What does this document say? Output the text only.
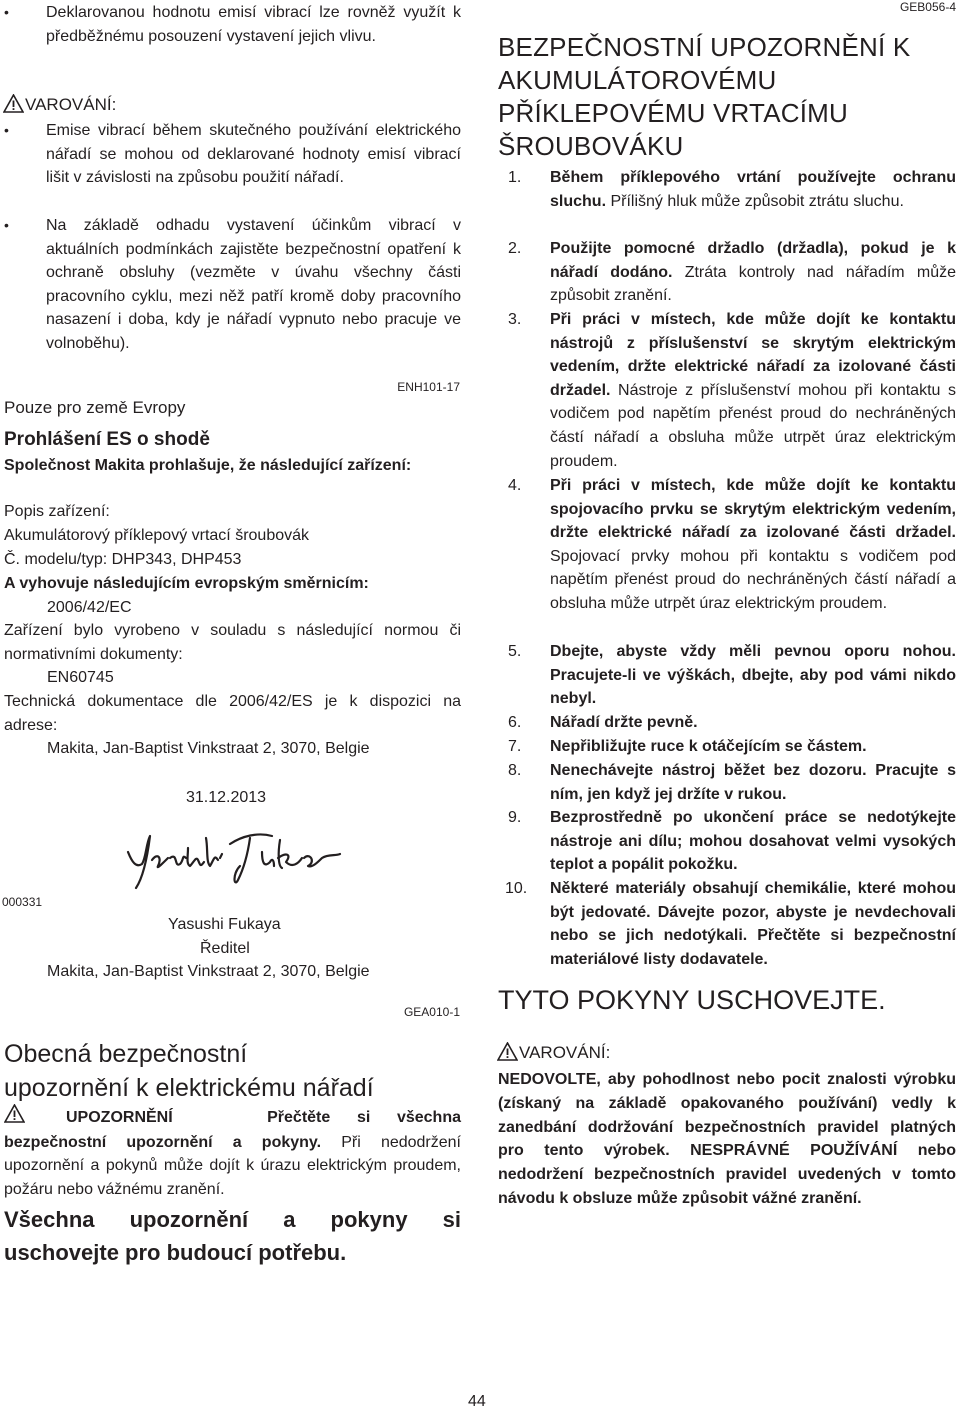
• Deklarovanou hodnotu emisí vibrací lze rovněž využít k předběžnému posouzení vystavení jejich vlivu.
VAROVÁNÍ:
• Emise vibrací během skutečného používání elektrického nářadí se mohou od deklarované hodnoty emisí vibrací lišit v závislosti na způsobu použití nářadí.
• Na základě odhadu vystavení účinkům vibrací v aktuálních podmínkách zajistěte bezpečnostní opatření k ochraně obsluhy (vezměte v úvahu všechny části pracovního cyklu, mezi něž patří kromě doby pracovního nasazení i doba, kdy je nářadí vypnuto nebo pracuje ve volnoběhu).
ENH101-17
Pouze pro země Evropy
Prohlášení ES o shodě
Společnost Makita prohlašuje, že následující zařízení:
Popis zařízení:
Akumulátorový příklepový vrtací šroubovák
Č. modelu/typ: DHP343, DHP453
A vyhovuje následujícím evropským směrnicím:
2006/42/EC
Zařízení bylo vyrobeno v souladu s následující normou či normativními dokumenty:
EN60745
Technická dokumentace dle 2006/42/ES je k dispozici na adrese:
Makita, Jan-Baptist Vinkstraat 2, 3070, Belgie
31.12.2013
000331
Yasushi Fukaya
Ředitel
Makita, Jan-Baptist Vinkstraat 2, 3070, Belgie
GEA010-1
Obecná bezpečnostní
upozornění k elektrickému nářadí
UPOZORNĚNÍ	Přečtěte      si      všechna
bezpečnostní upozornění a pokyny. Při nedodržení upozornění a pokynů může dojít k úrazu elektrickým proudem, požáru nebo vážnému zranění.
Všechna upozornění a pokyny si uschovejte pro budoucí potřebu.
GEB056-4
BEZPEČNOSTNÍ UPOZORNĚNÍ K
AKUMULÁTOROVÉMU
PŘÍKLEPOVÉMU VRTACÍMU
ŠROUBOVÁKU
1.	Během příklepového vrtání používejte ochranu sluchu. Přílišný hluk může způsobit ztrátu sluchu.
2.	Použijte pomocné držadlo (držadla), pokud je k nářadí dodáno. Ztráta kontroly nad nářadím může způsobit zranění.
3.	Při práci v místech, kde může dojít ke kontaktu nástrojů z příslušenství se skrytým elektrickým vedením, držte elektrické nářadí za izolované části držadel. Nástroje z příslušenství mohou při kontaktu s vodičem pod napětím přenést proud do nechráněných částí nářadí a obsluha může utrpět úraz elektrickým proudem.
4.	Při práci v místech, kde může dojít ke kontaktu spojovacího prvku se skrytým elektrickým vedením, držte elektrické nářadí za izolované části držadel. Spojovací prvky mohou při kontaktu s vodičem pod napětím přenést proud do nechráněných částí nářadí a obsluha může utrpět úraz elektrickým proudem.
5.	Dbejte, abyste vždy měli pevnou oporu nohou. Pracujete-li ve výškách, dbejte, aby pod vámi nikdo nebyl.
6.	Nářadí držte pevně.
7.	Nepřibližujte ruce k otáčejícím se částem.
8.	Nenechávejte nástroj běžet bez dozoru. Pracujte s ním, jen když jej držíte v rukou.
9.	Bezprostředně po ukončení práce se nedotýkejte nástroje ani dílu; mohou dosahovat velmi vysokých teplot a popálit pokožku.
10.	Některé materiály obsahují chemikálie, které mohou být jedovaté. Dávejte pozor, abyste je nevdechovali nebo se jich nedotýkali. Přečtěte si bezpečnostní materiálové listy dodavatele.
TYTO POKYNY USCHOVEJTE.
VAROVÁNÍ:
NEDOVOLTE, aby pohodlnost nebo pocit znalosti výrobku (získaný na základě opakovaného používání) vedly k zanedbání dodržování bezpečnostních pravidel platných pro tento výrobek. NESPRÁVNÉ POUŽÍVÁNÍ nebo nedodržení bezpečnostních pravidel uvedených v tomto návodu k obsluze může způsobit vážné zranění.
44
